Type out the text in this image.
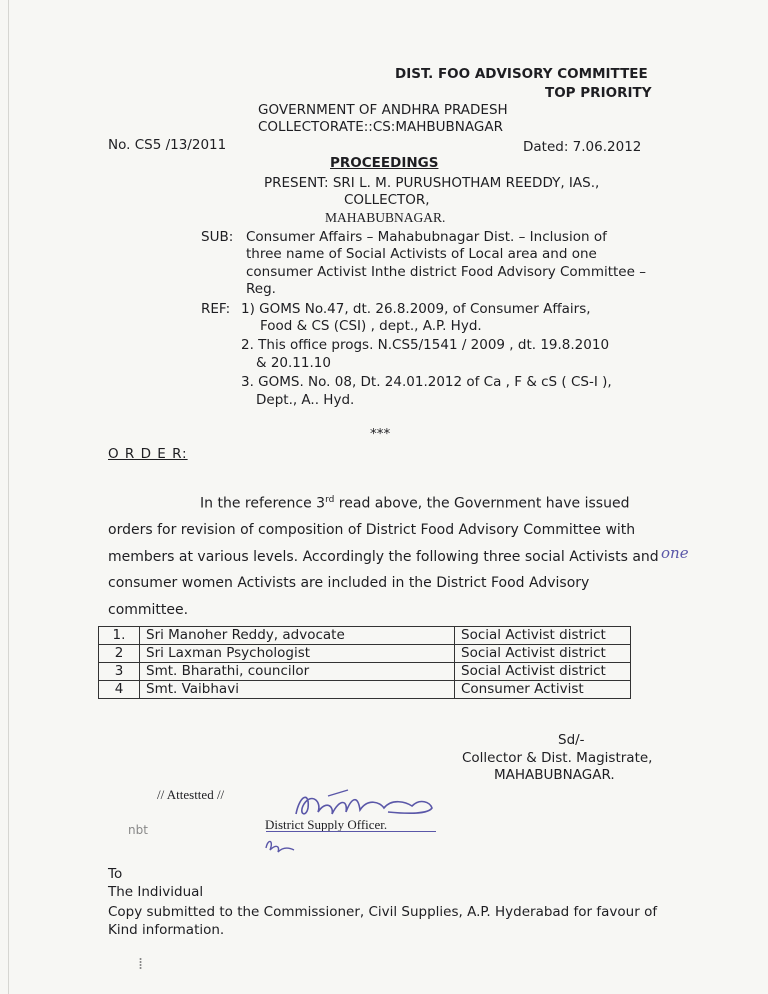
DIST. FOO ADVISORY COMMITTEE
TOP PRIORITY
GOVERNMENT OF ANDHRA PRADESH
COLLECTORATE::CS:MAHBUBNAGAR
No. CS5 /13/2011	Dated: 7.06.2012
PROCEEDINGS
PRESENT: SRI L. M. PURUSHOTHAM REEDDY, IAS.,
COLLECTOR,
MAHABUBNAGAR.
SUB: Consumer Affairs – Mahabubnagar Dist. – Inclusion of
three name of Social Activists of Local area and one
consumer Activist Inthe district Food Advisory Committee –
Reg.
REF: 1) GOMS No.47, dt. 26.8.2009, of Consumer Affairs,
Food & CS (CSI) , dept., A.P. Hyd.
2. This office progs. N.CS5/1541 / 2009 , dt. 19.8.2010
& 20.11.10
3. GOMS. No. 08, Dt. 24.01.2012 of Ca , F & cS ( CS-I ),
Dept., A.. Hyd.
***
O R D E R:

In the reference 3rd read above, the Government have issued

orders for revision of composition of District Food Advisory Committee with

members at various levels. Accordingly the following three social Activists and

consumer women Activists are included in the District Food Advisory committee.

one
1.	Sri Manoher Reddy, advocate	Social Activist district
2	Sri Laxman Psychologist	Social Activist district
3	Smt. Bharathi, councilor	Social Activist district
4	Smt. Vaibhavi	Consumer Activist
Sd/-
Collector & Dist. Magistrate,
MAHABUBNAGAR.
// Attestted //
District Supply Officer.
nbt
To
The Individual
Copy submitted to the Commissioner, Civil Supplies, A.P. Hyderabad for favour of
Kind information.
⁞
